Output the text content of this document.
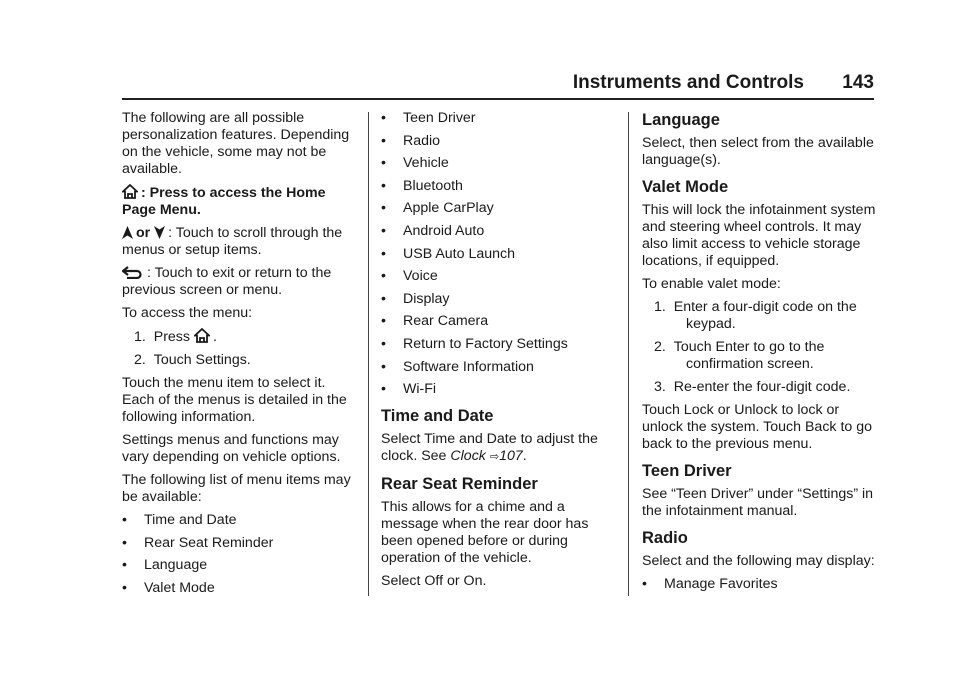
Instruments and Controls 143

The following are all possible personalization features. Depending on the vehicle, some may not be available.

: Press to access the Home Page Menu.

or : Touch to scroll through the menus or setup items.

: Touch to exit or return to the previous screen or menu.

To access the menu:

1. Press .

2. Touch Settings.

Touch the menu item to select it. Each of the menus is detailed in the following information.

Settings menus and functions may vary depending on vehicle options.

The following list of menu items may be available:

• Time and Date
• Rear Seat Reminder
• Language
• Valet Mode
• Teen Driver
• Radio
• Vehicle
• Bluetooth
• Apple CarPlay
• Android Auto
• USB Auto Launch
• Voice
• Display
• Rear Camera
• Return to Factory Settings
• Software Information
• Wi-Fi
Time and Date

Select Time and Date to adjust the clock. See Clock ⇨107.

Rear Seat Reminder

This allows for a chime and a message when the rear door has been opened before or during operation of the vehicle.

Select Off or On.

Language

Select, then select from the available language(s).

Valet Mode

This will lock the infotainment system and steering wheel controls. It may also limit access to vehicle storage locations, if equipped.

To enable valet mode:

1. Enter a four-digit code on the keypad.

2. Touch Enter to go to the confirmation screen.

3. Re-enter the four-digit code.

Touch Lock or Unlock to lock or unlock the system. Touch Back to go back to the previous menu.

Teen Driver

See “Teen Driver” under “Settings” in the infotainment manual.

Radio

Select and the following may display:

• Manage Favorites
